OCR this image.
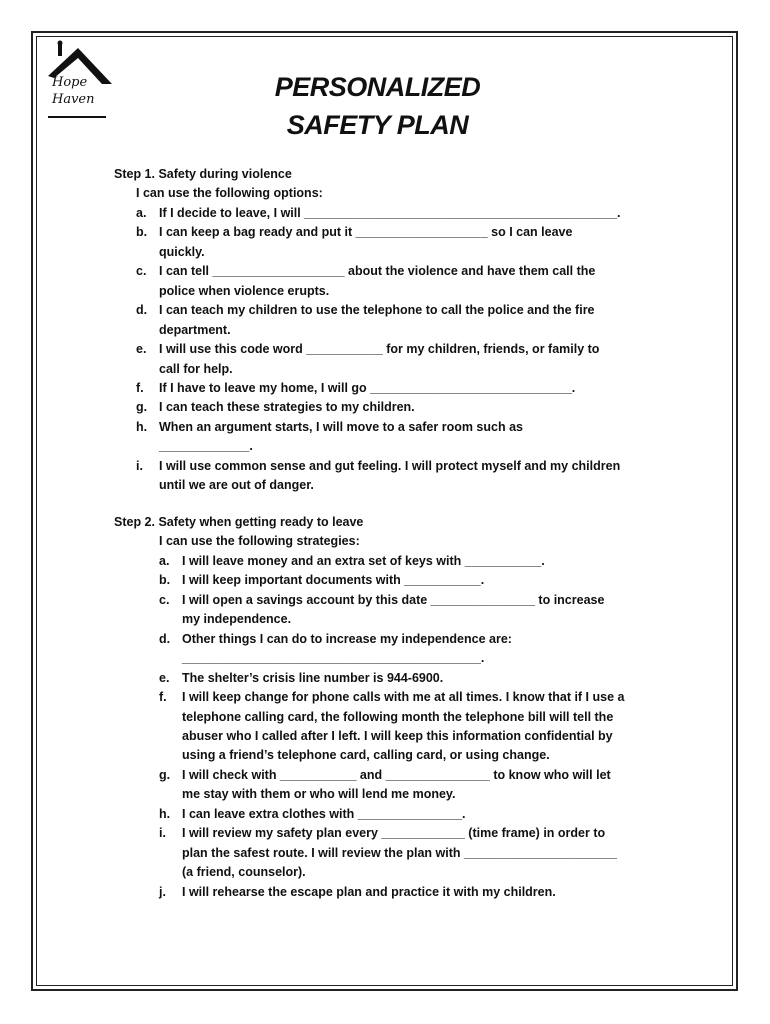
Hope
Haven	PERSONALIZED
SAFETY PLAN
Step 1. Safety during violence
I can use the following options:
a. If I decide to leave, I will _____________________________________________.
b. I can keep a bag ready and put it ___________________ so I can leave
quickly.
c. I can tell ___________________ about the violence and have them call the
police when violence erupts.
d. I can teach my children to use the telephone to call the police and the fire
department.
e. I will use this code word ___________ for my children, friends, or family to
call for help.
f. If I have to leave my home, I will go _____________________________.
g. I can teach these strategies to my children.
h. When an argument starts, I will move to a safer room such as
_____________.
i. I will use common sense and gut feeling. I will protect myself and my children
until we are out of danger.
Step 2. Safety when getting ready to leave
I can use the following strategies:
a. I will leave money and an extra set of keys with ___________.
b. I will keep important documents with ___________.
c. I will open a savings account by this date _______________ to increase
my independence.
d. Other things I can do to increase my independence are:
___________________________________________.
e. The shelter’s crisis line number is 944-6900.
f. I will keep change for phone calls with me at all times. I know that if I use a
telephone calling card, the following month the telephone bill will tell the
abuser who I called after I left. I will keep this information confidential by
using a friend’s telephone card, calling card, or using change.
g. I will check with ___________ and _______________ to know who will let
me stay with them or who will lend me money.
h. I can leave extra clothes with _______________.
i. I will review my safety plan every ____________ (time frame) in order to
plan the safest route. I will review the plan with ______________________
(a friend, counselor).
j. I will rehearse the escape plan and practice it with my children.
